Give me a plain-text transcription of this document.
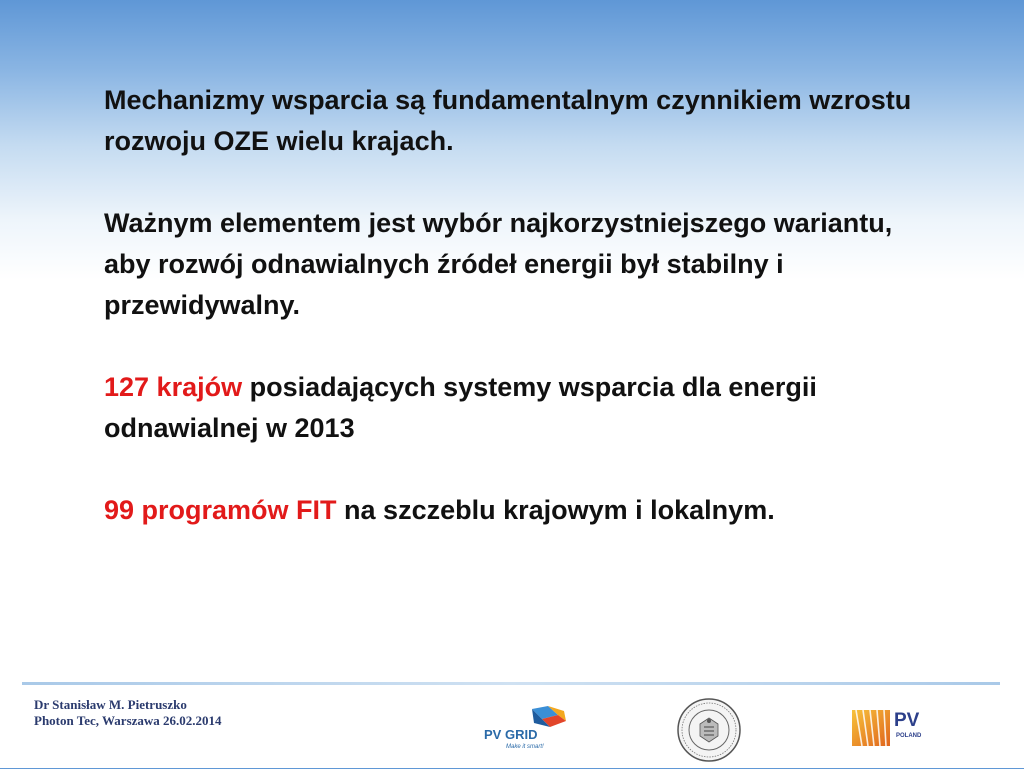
Mechanizmy wsparcia są fundamentalnym czynnikiem wzrostu rozwoju OZE wielu krajach.

Ważnym elementem jest wybór najkorzystniejszego wariantu, aby rozwój odnawialnych źródeł energii był stabilny i przewidywalny.

127 krajów posiadających systemy wsparcia dla energii odnawialnej w 2013

99 programów FIT na szczeblu krajowym i lokalnym.

Dr Stanisław M. Pietruszko
Photon Tec, Warszawa 26.02.2014
PV GRID
Make it smart!
PV
POLAND
